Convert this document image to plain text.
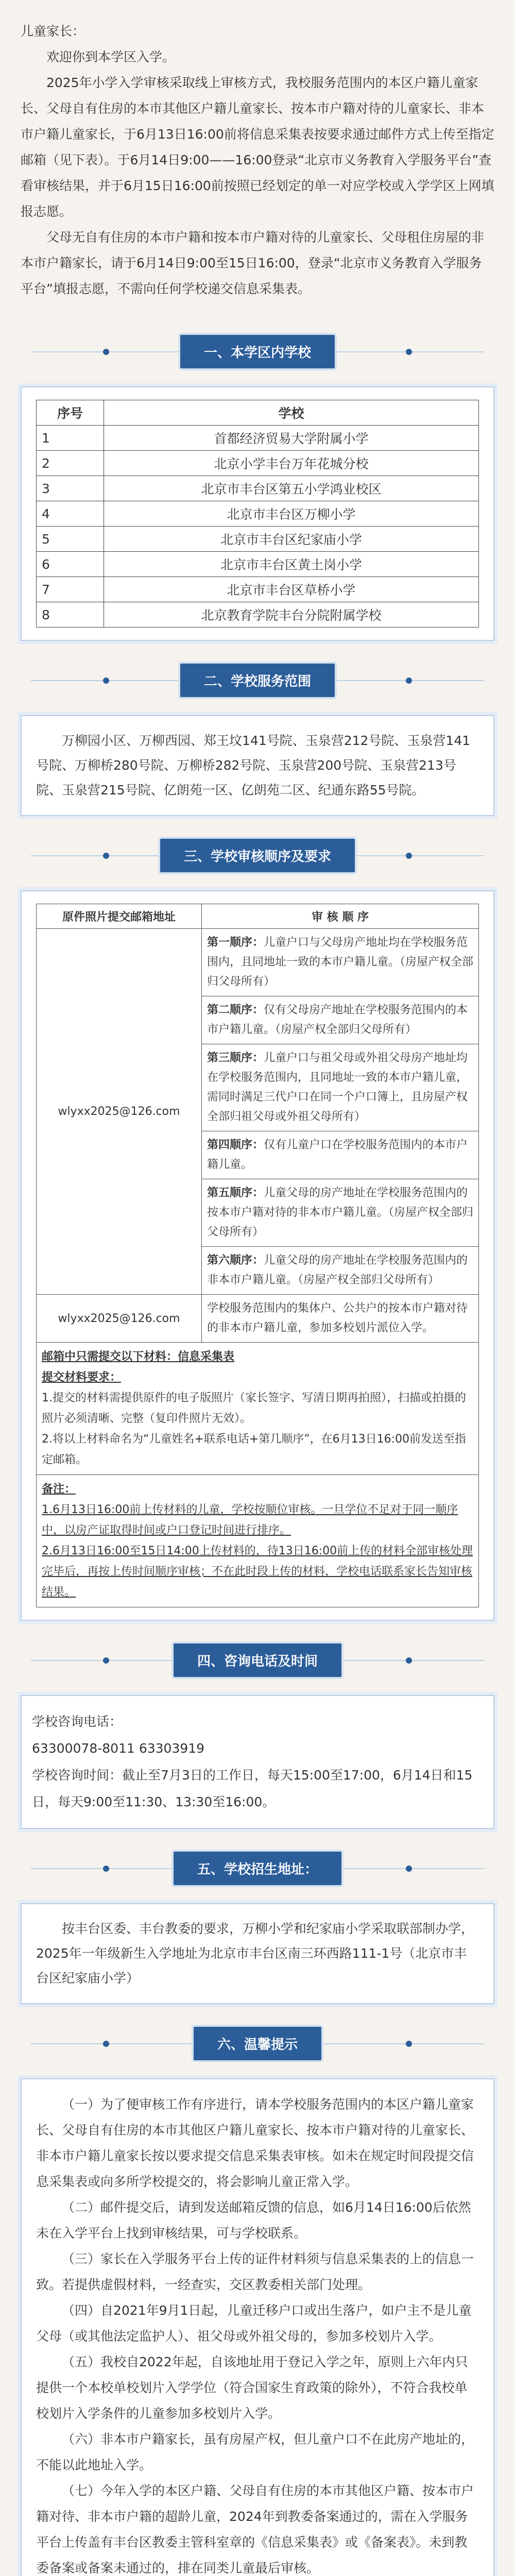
儿童家长：

欢迎你到本学区入学。

2025年小学入学审核采取线上审核方式，我校服务范围内的本区户籍儿童家长、父母自有住房的本市其他区户籍儿童家长、按本市户籍对待的儿童家长、非本市户籍儿童家长，于6月13日16:00前将信息采集表按要求通过邮件方式上传至指定邮箱（见下表）。于6月14日9:00——16:00登录“北京市义务教育入学服务平台”查看审核结果，并于6月15日16:00前按照已经划定的单一对应学校或入学学区上网填报志愿。

父母无自有住房的本市户籍和按本市户籍对待的儿童家长、父母租住房屋的非本市户籍家长，请于6月14日9:00至15日16:00，登录“北京市义务教育入学服务平台”填报志愿，不需向任何学校递交信息采集表。

一、本学区内学校
序号	学校
1	首都经济贸易大学附属小学
2	北京小学丰台万年花城分校
3	北京市丰台区第五小学鸿业校区
4	北京市丰台区万柳小学
5	北京市丰台区纪家庙小学
6	北京市丰台区黄土岗小学
7	北京市丰台区草桥小学
8	北京教育学院丰台分院附属学校
二、学校服务范围

万柳园小区、万柳西园、郑王坟141号院、玉泉营212号院、玉泉营141号院、万柳桥280号院、万柳桥282号院、玉泉营200号院、玉泉营213号院、玉泉营215号院、亿朗苑一区、亿朗苑二区、纪通东路55号院。

三、学校审核顺序及要求
原件照片提交邮箱地址	审 核 顺 序
wlyxx2025@126.com	第一顺序：儿童户口与父母房产地址均在学校服务范围内，且同地址一致的本市户籍儿童。（房屋产权全部归父母所有）
	第二顺序：仅有父母房产地址在学校服务范围内的本市户籍儿童。（房屋产权全部归父母所有）
	第三顺序：儿童户口与祖父母或外祖父母房产地址均在学校服务范围内，且同地址一致的本市户籍儿童，需同时满足三代户口在同一个户口簿上，且房屋产权全部归祖父母或外祖父母所有）
	第四顺序：仅有儿童户口在学校服务范围内的本市户籍儿童。
	第五顺序：儿童父母的房产地址在学校服务范围内的按本市户籍对待的非本市户籍儿童。（房屋产权全部归父母所有）
	第六顺序：儿童父母的房产地址在学校服务范围内的非本市户籍儿童。（房屋产权全部归父母所有）
wlyxx2025@126.com	学校服务范围内的集体户、公共户的按本市户籍对待的非本市户籍儿童，参加多校划片派位入学。

邮箱中只需提交以下材料：信息采集表
提交材料要求：
1.提交的材料需提供原件的电子版照片（家长签字、写清日期再拍照），扫描或拍摄的照片必须清晰、完整（复印件照片无效）。
2.将以上材料命名为“儿童姓名+联系电话+第几顺序”，在6月13日16:00前发送至指定邮箱。	

备注：
1.6月13日16:00前上传材料的儿童，学校按顺位审核。一旦学位不足对于同一顺序中，以房产证取得时间或户口登记时间进行排序。
2.6月13日16:00至15日14:00上传材料的，待13日16:00前上传的材料全部审核处理完毕后，再按上传时间顺序审核；不在此时段上传的材料，学校电话联系家长告知审核结果。	
四、咨询电话及时间
学校咨询电话：
63300078-8011 63303919
学校咨询时间：截止至7月3日的工作日，每天15:00至17:00，6月14日和15日，每天9:00至11:30、13:30至16:00。
五、学校招生地址：

按丰台区委、丰台教委的要求，万柳小学和纪家庙小学采取联部制办学，2025年一年级新生入学地址为北京市丰台区南三环西路111-1号（北京市丰台区纪家庙小学）

六、温馨提示

（一）为了便审核工作有序进行，请本学校服务范围内的本区户籍儿童家长、父母自有住房的本市其他区户籍儿童家长、按本市户籍对待的儿童家长、非本市户籍儿童家长按以要求提交信息采集表审核。如未在规定时间段提交信息采集表或向多所学校提交的，将会影响儿童正常入学。

（二）邮件提交后，请到发送邮箱反馈的信息，如6月14日16:00后依然未在入学平台上找到审核结果，可与学校联系。

（三）家长在入学服务平台上传的证件材料须与信息采集表的上的信息一致。若提供虚假材料，一经查实，交区教委相关部门处理。

（四）自2021年9月1日起，儿童迁移户口或出生落户，如户主不是儿童父母（或其他法定监护人）、祖父母或外祖父母的，参加多校划片入学。

（五）我校自2022年起，自该地址用于登记入学之年，原则上六年内只提供一个本校单校划片入学学位（符合国家生育政策的除外），不符合我校单校划片入学条件的儿童参加多校划片入学。

（六）非本市户籍家长，虽有房屋产权，但儿童户口不在此房产地址的，不能以此地址入学。

（七）今年入学的本区户籍、父母自有住房的本市其他区户籍、按本市户籍对待、非本市户籍的超龄儿童，2024年到教委备案通过的，需在入学服务平台上传盖有丰台区教委主管科室章的《信息采集表》或《备案表》。未到教委备案或备案未通过的，排在同类儿童最后审核。
